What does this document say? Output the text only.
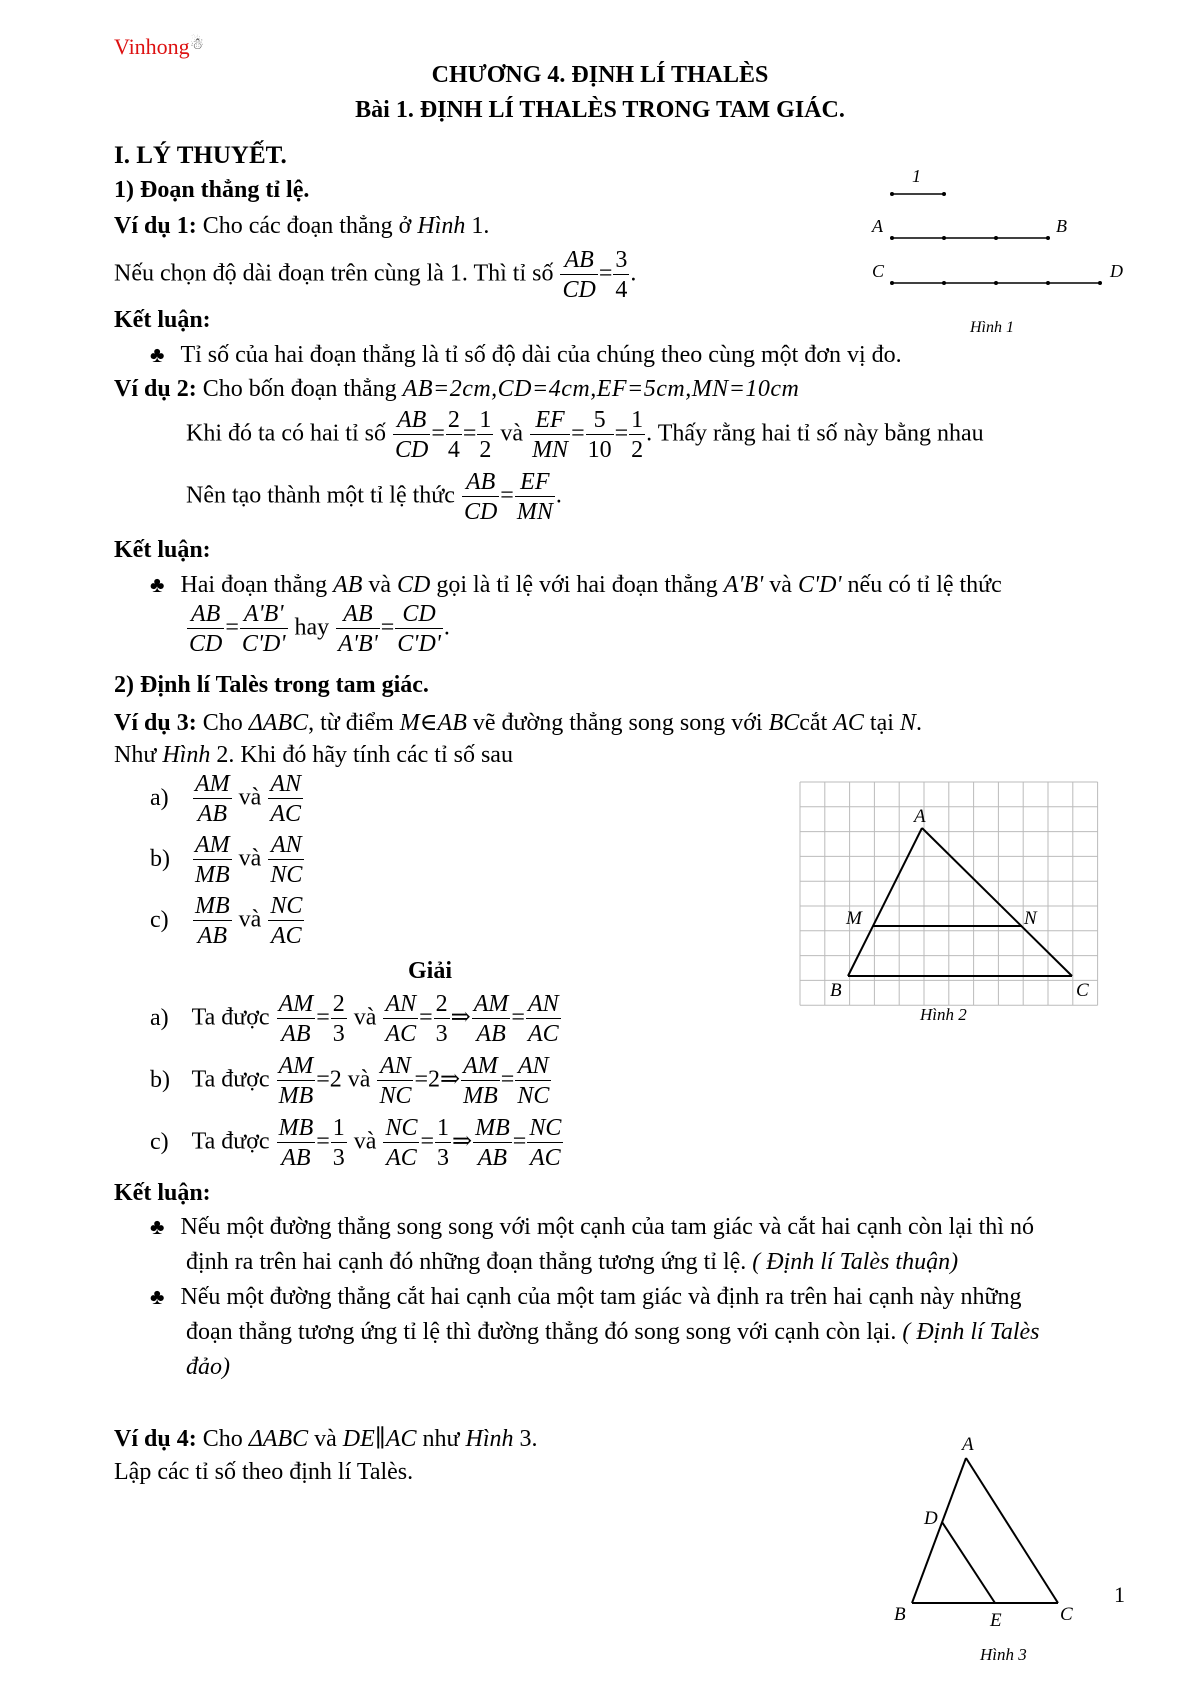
Vinhong☃
CHƯƠNG 4. ĐỊNH LÍ THALÈS
Bài 1. ĐỊNH LÍ THALÈS TRONG TAM GIÁC.
I. LÝ THUYẾT.
1) Đoạn thẳng tỉ lệ.
Ví dụ 1: Cho các đoạn thẳng ở Hình 1.
Nếu chọn độ dài đoạn trên cùng là 1. Thì tỉ số $\frac{AB}{CD} = \frac{3}{4}$ .
1
A	B
C	D
Hình 1
Kết luận:
♣ Tỉ số của hai đoạn thẳng là tỉ số độ dài của chúng theo cùng một đơn vị đo.
Ví dụ 2: Cho bốn đoạn thẳng AB=2cm,CD=4cm,EF=5cm,MN=10cm
Khi đó ta có hai tỉ số $\frac{AB}{CD} = \frac{2}{4} = \frac{1}{2}$ và $\frac{EF}{MN} = \frac{5}{10} = \frac{1}{2}$ . Thấy rằng hai tỉ số này bằng nhau
Nên tạo thành một tỉ lệ thức $\frac{AB}{CD} = \frac{EF}{MN}$ .
Kết luận:
♣ Hai đoạn thẳng AB và CD gọi là tỉ lệ với hai đoạn thẳng A'B' và C'D' nếu có tỉ lệ thức
$\frac{AB}{CD} = \frac{A'B'}{C'D'}$ hay $\frac{AB}{A'B'} = \frac{CD}{C'D'}$ .
2) Định lí Talès trong tam giác.
Ví dụ 3: Cho ΔABC, từ điểm M∈AB vẽ đường thẳng song song với BCcắt AC tại N.
Như Hình 2. Khi đó hãy tính các tỉ số sau
$a) \frac{AM}{AB}$ và $\frac{AN}{AC}$
$b) \frac{AM}{MB}$ và $\frac{AN}{NC}$
$c) \frac{MB}{AB}$ và $\frac{NC}{AC}$
Giải
a) Ta được $\frac{AM}{AB} = \frac{2}{3}$ và $\frac{AN}{AC} = \frac{2}{3}$ ⇒ $\frac{AM}{AB} = \frac{AN}{AC}$
b) Ta được $\frac{AM}{MB} =2$ và $\frac{AN}{NC}$ =2⇒ $\frac{AM}{MB} = \frac{AN}{NC}$
c) Ta được $\frac{MB}{AB} = \frac{1}{3}$ và $\frac{NC}{AC} = \frac{1}{3}$ ⇒ $\frac{MB}{AB} = \frac{NC}{AC}$
A
B	C
M	N
Hình 2
Kết luận:
♣ Nếu một đường thẳng song song với một cạnh của tam giác và cắt hai cạnh còn lại thì nó
định ra trên hai cạnh đó những đoạn thẳng tương ứng tỉ lệ. ( Định lí Talès thuận)
♣ Nếu một đường thẳng cắt hai cạnh của một tam giác và định ra trên hai cạnh này những
đoạn thẳng tương ứng tỉ lệ thì đường thẳng đó song song với cạnh còn lại. ( Định lí Talès
đảo)
Ví dụ 4: Cho ΔABC và DE∥AC như Hình 3.
Lập các tỉ số theo định lí Talès.
A
B	C
D
E
Hình 3
1
